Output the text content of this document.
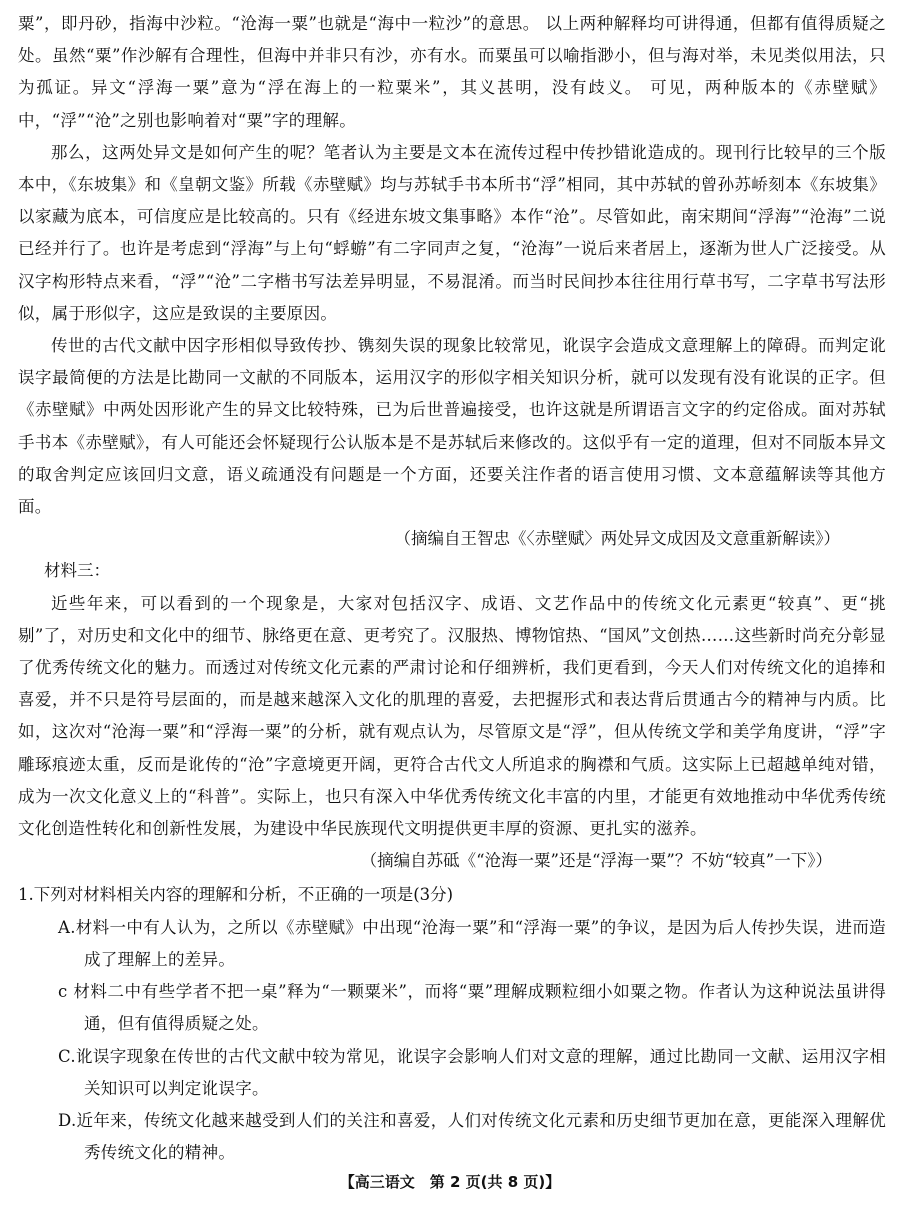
粟”，即丹砂，指海中沙粒。“沧海一粟”也就是“海中一粒沙”的意思。 以上两种解释均可讲得通，但都有值得质疑之处。虽然“粟”作沙解有合理性，但海中并非只有沙，亦有水。而粟虽可以喻指渺小，但与海对举，未见类似用法，只为孤证。异文“浮海一粟”意为“浮在海上的一粒粟米”，其义甚明，没有歧义。 可见，两种版本的《赤壁赋》中，“浮”“沧”之别也影响着对“粟”字的理解。

那么，这两处异文是如何产生的呢？笔者认为主要是文本在流传过程中传抄错讹造成的。现刊行比较早的三个版本中，《东坡集》和《皇朝文鉴》所载《赤壁赋》均与苏轼手书本所书“浮”相同，其中苏轼的曾孙苏峤刻本《东坡集》以家藏为底本，可信度应是比较高的。只有《经进东坡文集事略》本作“沧”。尽管如此，南宋期间“浮海”“沧海”二说已经并行了。也许是考虑到“浮海”与上句“蜉蝣”有二字同声之复，“沧海”一说后来者居上，逐渐为世人广泛接受。从汉字构形特点来看，“浮”“沧”二字楷书写法差异明显，不易混淆。而当时民间抄本往往用行草书写，二字草书写法形似，属于形似字，这应是致误的主要原因。

传世的古代文献中因字形相似导致传抄、镌刻失误的现象比较常见，讹误字会造成文意理解上的障碍。而判定讹误字最简便的方法是比勘同一文献的不同版本，运用汉字的形似字相关知识分析，就可以发现有没有讹误的正字。但《赤壁赋》中两处因形讹产生的异文比较特殊，已为后世普遍接受，也许这就是所谓语言文字的约定俗成。面对苏轼手书本《赤壁赋》，有人可能还会怀疑现行公认版本是不是苏轼后来修改的。这似乎有一定的道理，但对不同版本异文的取舍判定应该回归文意，语义疏通没有问题是一个方面，还要关注作者的语言使用习惯、文本意蕴解读等其他方面。

（摘编自王智忠《〈赤壁赋〉两处异文成因及文意重新解读》）

材料三：

近些年来，可以看到的一个现象是，大家对包括汉字、成语、文艺作品中的传统文化元素更“较真”、更“挑剔”了，对历史和文化中的细节、脉络更在意、更考究了。汉服热、博物馆热、“国风”文创热……这些新时尚充分彰显了优秀传统文化的魅力。而透过对传统文化元素的严肃讨论和仔细辨析，我们更看到，今天人们对传统文化的追捧和喜爱，并不只是符号层面的，而是越来越深入文化的肌理的喜爱，去把握形式和表达背后贯通古今的精神与内质。比如，这次对“沧海一粟”和“浮海一粟”的分析，就有观点认为，尽管原文是“浮”，但从传统文学和美学角度讲，“浮”字雕琢痕迹太重，反而是讹传的“沧”字意境更开阔，更符合古代文人所追求的胸襟和气质。这实际上已超越单纯对错，成为一次文化意义上的“科普”。实际上，也只有深入中华优秀传统文化丰富的内里，才能更有效地推动中华优秀传统文化创造性转化和创新性发展，为建设中华民族现代文明提供更丰厚的资源、更扎实的滋养。

（摘编自苏砥《“沧海一粟”还是“浮海一粟”？不妨“较真”一下》）

1.下列对材料相关内容的理解和分析，不正确的一项是(3分)

A.材料一中有人认为，之所以《赤壁赋》中出现“沧海一粟”和“浮海一粟”的争议，是因为后人传抄失误，进而造成了理解上的差异。

c 材料二中有些学者不把一桌”释为“一颗粟米”，而将“粟”理解成颗粒细小如粟之物。作者认为这种说法虽讲得通，但有值得质疑之处。

C.讹误字现象在传世的古代文献中较为常见，讹误字会影响人们对文意的理解，通过比勘同一文献、运用汉字相关知识可以判定讹误字。

D.近年来，传统文化越来越受到人们的关注和喜爱，人们对传统文化元素和历史细节更加在意，更能深入理解优秀传统文化的精神。

【高三语文　第 2 页(共 8 页)】
